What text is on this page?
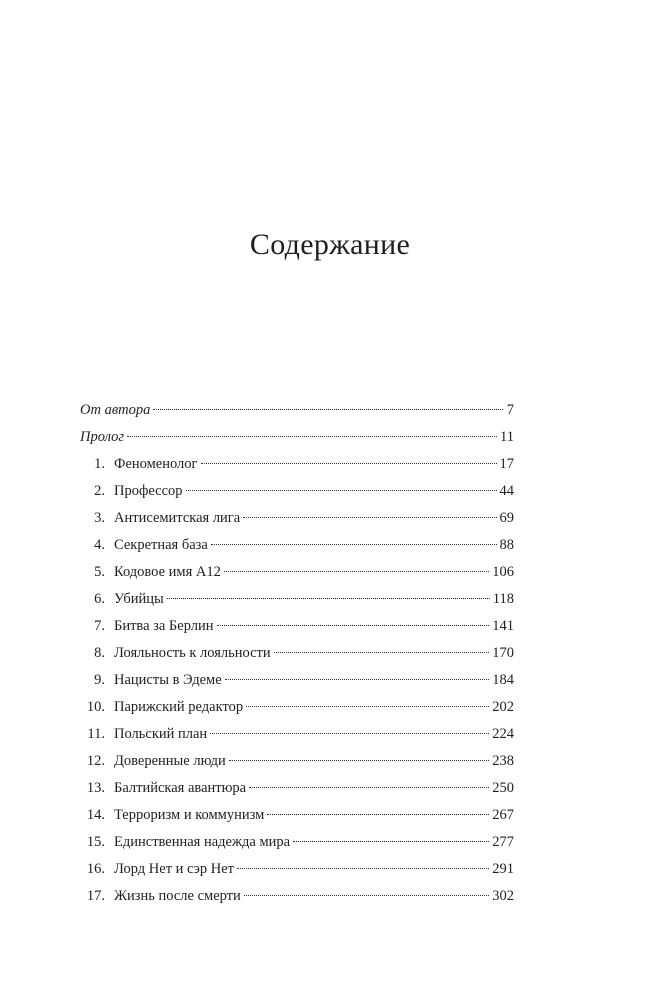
Содержание
От автора	7
Пролог	11
1. Феноменолог	17
2. Профессор	44
3. Антисемитская лига	69
4. Секретная база	88
5. Кодовое имя А12	106
6. Убийцы	118
7. Битва за Берлин	141
8. Лояльность к лояльности	170
9. Нацисты в Эдеме	184
10. Парижский редактор	202
11. Польский план	224
12. Доверенные люди	238
13. Балтийская авантюра	250
14. Терроризм и коммунизм	267
15. Единственная надежда мира	277
16. Лорд Нет и сэр Нет	291
17. Жизнь после смерти	302
